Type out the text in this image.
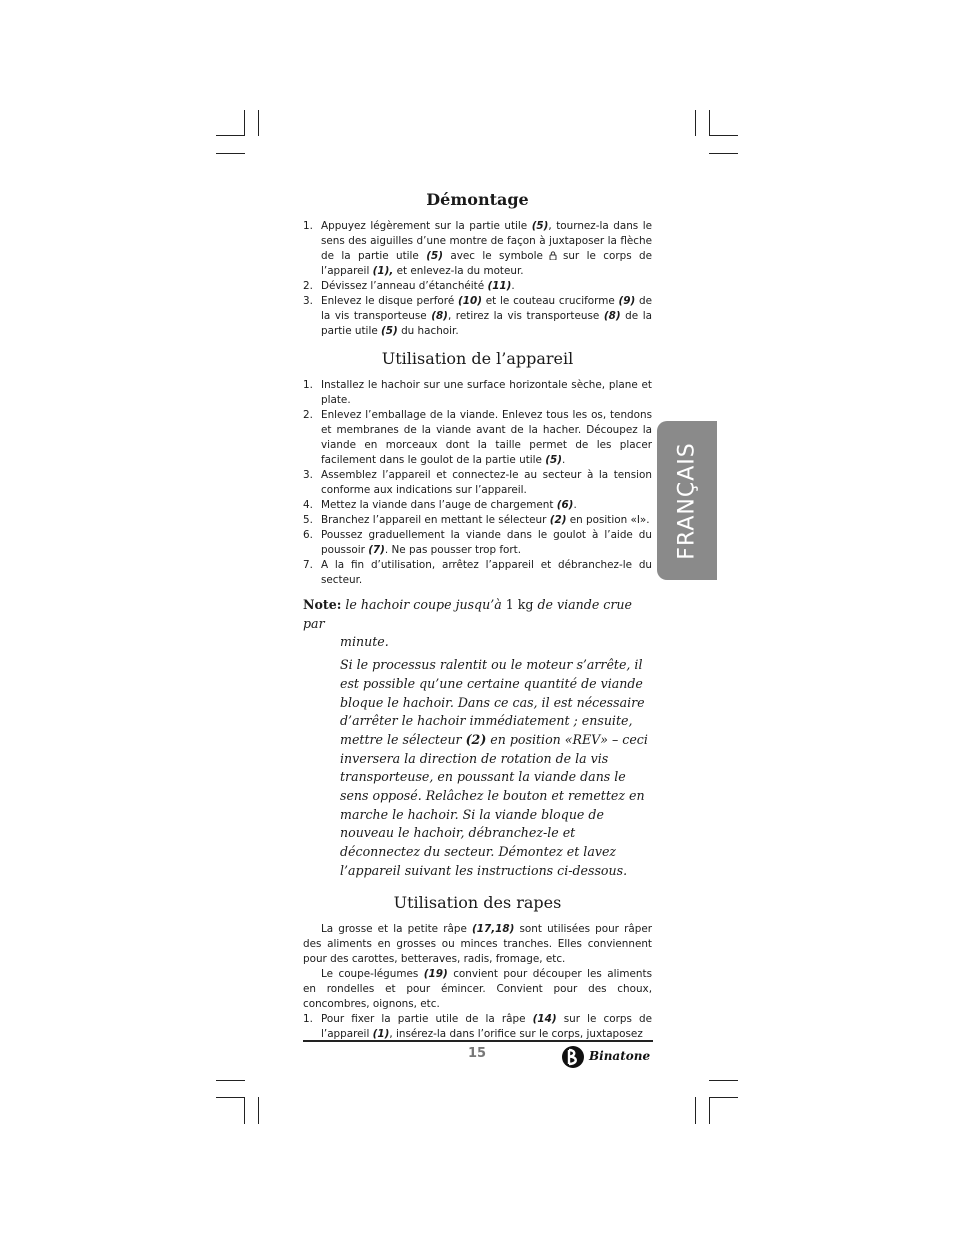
FRANÇAIS
Démontage
1. Appuyez légèrement sur la partie utile (5), tournez-la dans le sens des aiguilles d’une montre de façon à juxtaposer la flèche de la partie utile (5) avec le symbole sur le corps de l’appareil (1), et enlevez-la du moteur.
2. Dévissez l’anneau d’étanchéité (11).
3. Enlevez le disque perforé (10) et le couteau cruciforme (9) de la vis transporteuse (8), retirez la vis transporteuse (8) de la partie utile (5) du hachoir.
Utilisation de l’appareil
1. Installez le hachoir sur une surface horizontale sèche, plane et plate.
2. Enlevez l’emballage de la viande. Enlevez tous les os, tendons et membranes de la viande avant de la hacher. Découpez la viande en morceaux dont la taille permet de les placer facilement dans le goulot de la partie utile (5).
3. Assemblez l’appareil et connectez-le au secteur à la tension conforme aux indications sur l’appareil.
4. Mettez la viande dans l’auge de chargement (6).
5. Branchez l’appareil en mettant le sélecteur (2) en position «I».
6. Poussez graduellement la viande dans le goulot à l’aide du poussoir (7). Ne pas pousser trop fort.
7. A la fin d’utilisation, arrêtez l’appareil et débranchez-le du secteur.

Note: le hachoir coupe jusqu’à 1 kg de viande crue par

minute.

Si le processus ralentit ou le moteur s’arrête, il est possible qu’une certaine quantité de viande bloque le hachoir. Dans ce cas, il est nécessaire d’arrêter le hachoir immédiatement ; ensuite, mettre le sélecteur (2) en position «REV» – ceci inversera la direction de rotation de la vis transporteuse, en poussant la viande dans le sens opposé. Relâchez le bouton et remettez en marche le hachoir. Si la viande bloque de nouveau le hachoir, débranchez-le et déconnectez du secteur. Démontez et lavez l’appareil suivant les instructions ci-dessous.

Utilisation des rapes

La grosse et la petite râpe (17,18) sont utilisées pour râper des aliments en grosses ou minces tranches. Elles conviennent pour des carottes, betteraves, radis, fromage, etc.

Le coupe-légumes (19) convient pour découper les aliments en rondelles et pour émincer. Convient pour des choux, concombres, oignons, etc.

1. Pour fixer la partie utile de la râpe (14) sur le corps de l’appareil (1), insérez-la dans l’orifice sur le corps, juxtaposez
15	Binatone
